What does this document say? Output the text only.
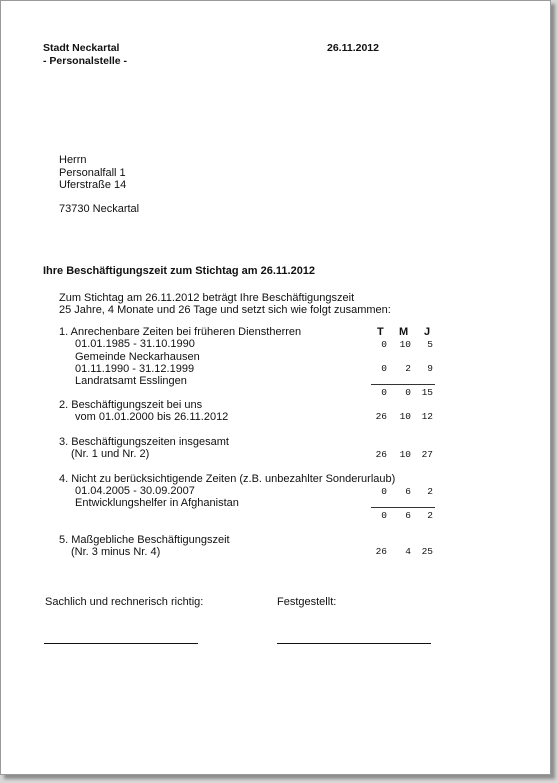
Stadt Neckartal
- Personalstelle -
26.11.2012
Herrn
Personalfall 1
Uferstraße 14
73730 Neckartal
Ihre Beschäftigungszeit zum Stichtag am 26.11.2012
Zum Stichtag am 26.11.2012 beträgt Ihre Beschäftigungszeit
25 Jahre, 4 Monate und 26 Tage und setzt sich wie folgt zusammen:
T M J
1. Anrechenbare Zeiten bei früheren Dienstherren
01.01.1985 - 31.10.1990
Gemeinde Neckarhausen
0	10	5
01.11.1990 - 31.12.1999
Landratsamt Esslingen
0	2	9
0	0	15
2. Beschäftigungszeit bei uns
vom 01.01.2000 bis 26.11.2012	26	10	12
3. Beschäftigungszeiten insgesamt
(Nr. 1 und Nr. 2)	26	10	27
4. Nicht zu berücksichtigende Zeiten (z.B. unbezahlter Sonderurlaub)
01.04.2005 - 30.09.2007
Entwicklungshelfer in Afghanistan
0	6	2
0	6	2
5. Maßgebliche Beschäftigungszeit
(Nr. 3 minus Nr. 4)	26	4	25
Sachlich und rechnerisch richtig:	Festgestellt:
